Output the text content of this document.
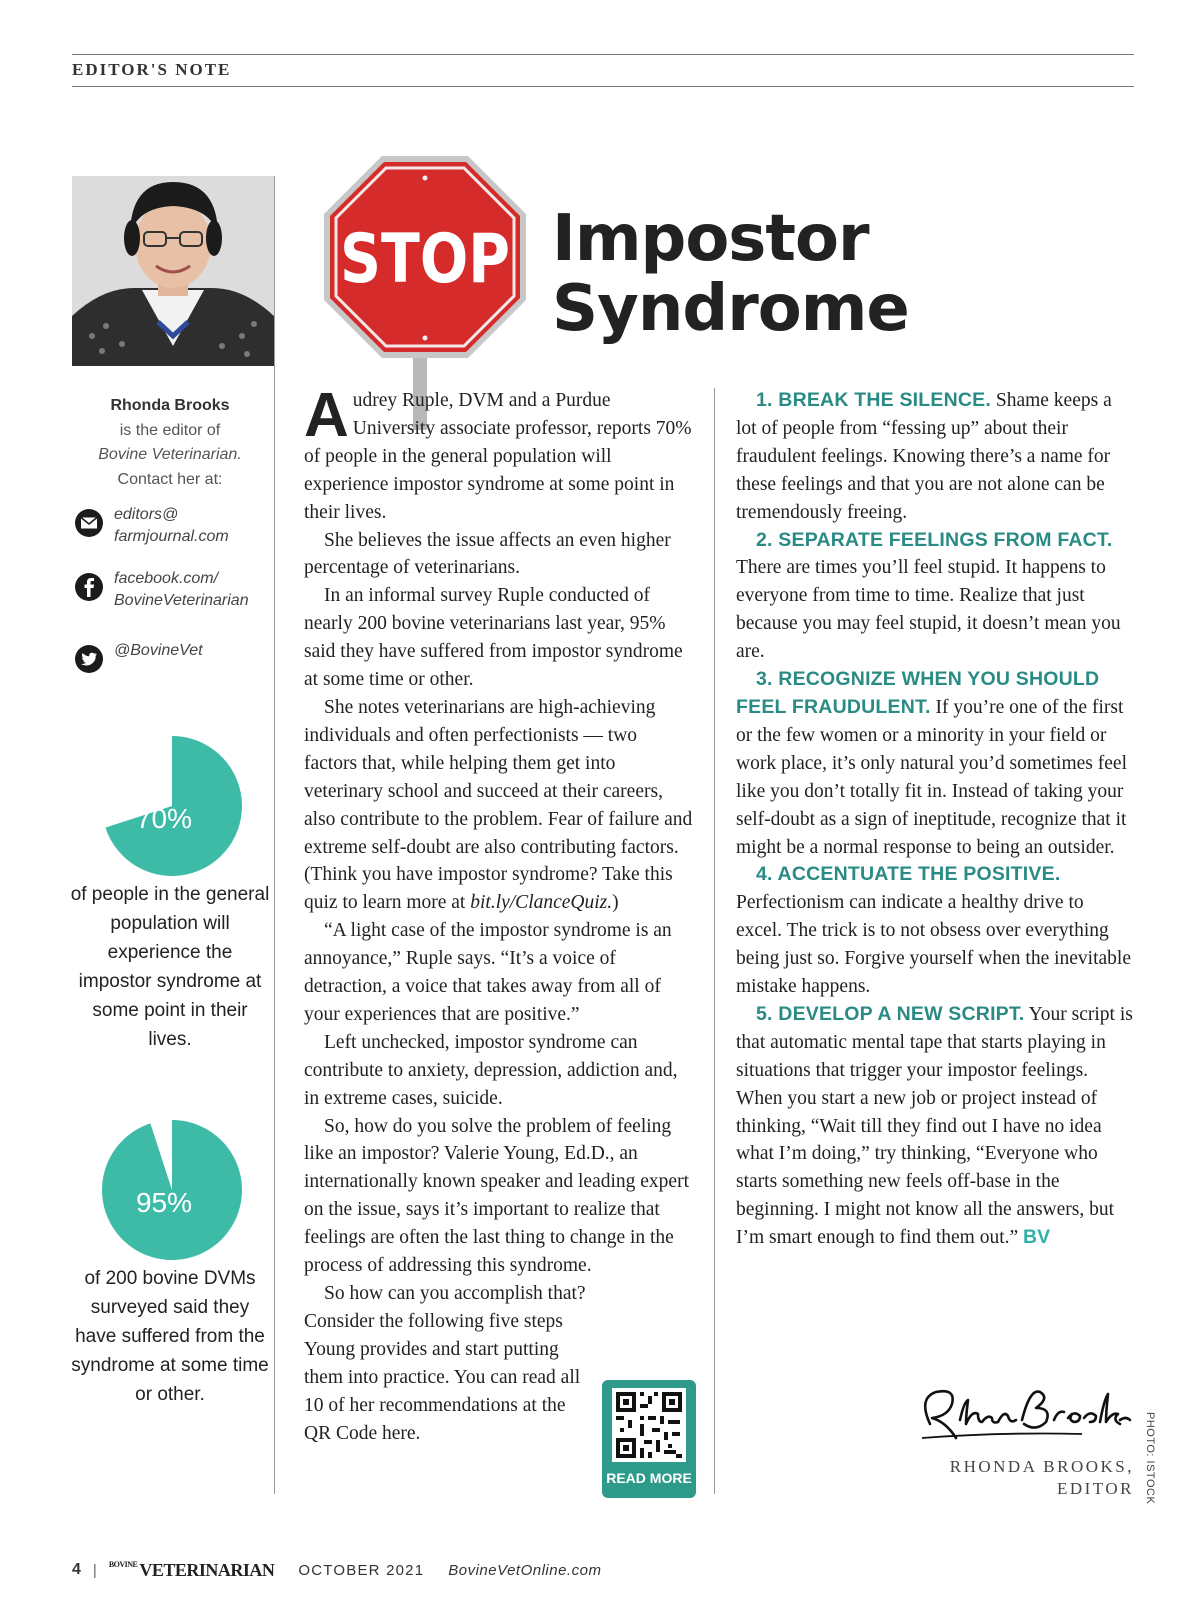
EDITOR'S NOTE
Rhonda Brooks
is the editor of
Bovine Veterinarian.
Contact her at:
editors@
farmjournal.com
facebook.com/
BovineVeterinarian
@BovineVet
70%
of people in the general population will experience the impostor syndrome at some point in their lives.
95%
of 200 bovine DVMs surveyed said they have suffered from the syndrome at some time or other.
STOP Impostor
Syndrome

Audrey Ruple, DVM and a Purdue University associate professor, reports 70% of people in the general population will experience impostor syndrome at some point in their lives.

She believes the issue affects an even higher percentage of veterinarians.

In an informal survey Ruple conducted of nearly 200 bovine veterinarians last year, 95% said they have suffered from impostor syndrome at some time or other.

She notes veterinarians are high-achieving individuals and often perfectionists — two factors that, while helping them get into veterinary school and succeed at their careers, also contribute to the problem. Fear of failure and extreme self-doubt are also contributing factors. (Think you have impostor syndrome? Take this quiz to learn more at bit.ly/ClanceQuiz.)

“A light case of the impostor syndrome is an annoyance,” Ruple says. “It’s a voice of detraction, a voice that takes away from all of your experiences that are positive.”

Left unchecked, impostor syndrome can contribute to anxiety, depression, addiction and, in extreme cases, suicide.

So, how do you solve the problem of feeling like an impostor? Valerie Young, Ed.D., an internationally known speaker and leading expert on the issue, says it’s important to realize that feelings are often the last thing to change in the process of addressing this syndrome.

So how can you accomplish that? Consider the following five steps Young provides and start putting them into practice. You can read all 10 of her recommendations at the QR Code here.

READ MORE

1. BREAK THE SILENCE. Shame keeps a lot of people from “fessing up” about their fraudulent feelings. Knowing there’s a name for these feelings and that you are not alone can be tremendously freeing.

2. SEPARATE FEELINGS FROM FACT. There are times you’ll feel stupid. It happens to everyone from time to time. Realize that just because you may feel stupid, it doesn’t mean you are.

3. RECOGNIZE WHEN YOU SHOULD FEEL FRAUDULENT. If you’re one of the first or the few women or a minority in your field or work place, it’s only natural you’d sometimes feel like you don’t totally fit in. Instead of taking your self-doubt as a sign of ineptitude, recognize that it might be a normal response to being an outsider.

4. ACCENTUATE THE POSITIVE. Perfectionism can indicate a healthy drive to excel. The trick is to not obsess over everything being just so. Forgive yourself when the inevitable mistake happens.

5. DEVELOP A NEW SCRIPT. Your script is that automatic mental tape that starts playing in situations that trigger your impostor feelings. When you start a new job or project instead of thinking, “Wait till they find out I have no idea what I’m doing,” try thinking, “Everyone who starts something new feels off-base in the beginning. I might not know all the answers, but I’m smart enough to find them out.” BV

RHONDA BROOKS,
EDITOR PHOTO: ISTOCK
4 | $^{BOVINE}$ VETERINARIAN OCTOBER 2021 BovineVetOnline.com
